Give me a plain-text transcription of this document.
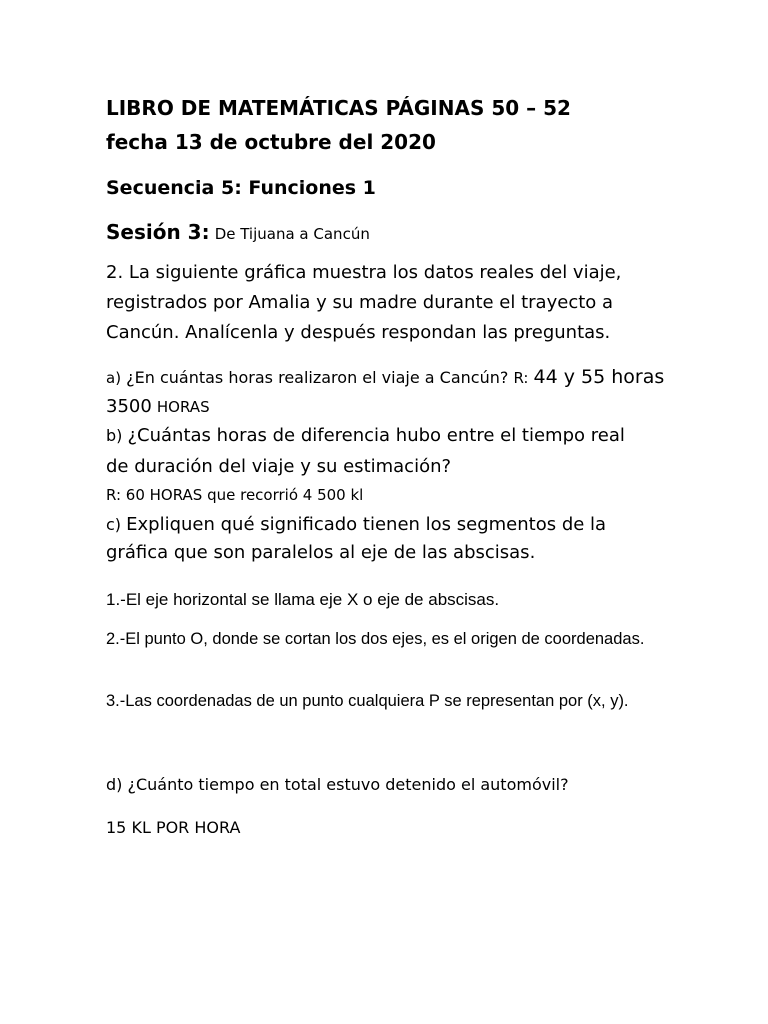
LIBRO DE MATEMÁTICAS PÁGINAS 50 – 52
fecha 13 de octubre del 2020
Secuencia 5: Funciones 1
Sesión 3: De Tijuana a Cancún
2. La siguiente gráfica muestra los datos reales del viaje,
registrados por Amalia y su madre durante el trayecto a
Cancún. Analícenla y después respondan las preguntas.
a) ¿En cuántas horas realizaron el viaje a Cancún? R: 44 y 55 horas
3500 HORAS
b) ¿Cuántas horas de diferencia hubo entre el tiempo real
de duración del viaje y su estimación?
R: 60 HORAS que recorrió 4 500 kl
c) Expliquen qué significado tienen los segmentos de la
gráfica que son paralelos al eje de las abscisas.
1.-El eje horizontal se llama eje X o eje de abscisas.
2.-El punto O, donde se cortan los dos ejes, es el origen de coordenadas.
3.-Las coordenadas de un punto cualquiera P se representan por (x, y).
d) ¿Cuánto tiempo en total estuvo detenido el automóvil?
15 KL POR HORA
